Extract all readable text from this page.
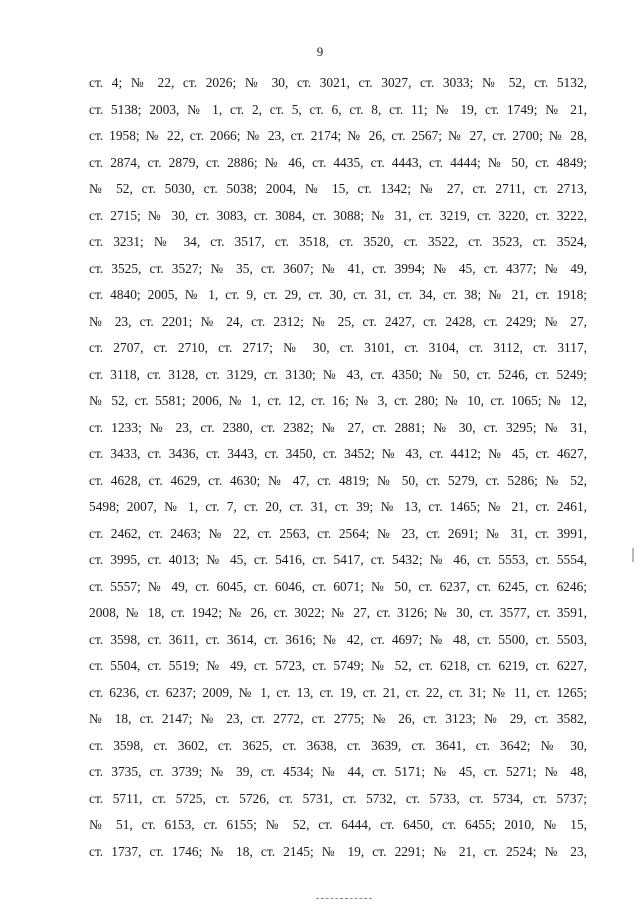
9
ст. 4; № 22, ст. 2026; № 30, ст. 3021, ст. 3027, ст. 3033; № 52, ст. 5132,
ст. 5138; 2003, № 1, ст. 2, ст. 5, ст. 6, ст. 8, ст. 11; № 19, ст. 1749; № 21,
ст. 1958; № 22, ст. 2066; № 23, ст. 2174; № 26, ст. 2567; № 27, ст. 2700; № 28,
ст. 2874, ст. 2879, ст. 2886; № 46, ст. 4435, ст. 4443, ст. 4444; № 50, ст. 4849;
№ 52, ст. 5030, ст. 5038; 2004, № 15, ст. 1342; № 27, ст. 2711, ст. 2713,
ст. 2715; № 30, ст. 3083, ст. 3084, ст. 3088; № 31, ст. 3219, ст. 3220, ст. 3222,
ст. 3231; № 34, ст. 3517, ст. 3518, ст. 3520, ст. 3522, ст. 3523, ст. 3524,
ст. 3525, ст. 3527; № 35, ст. 3607; № 41, ст. 3994; № 45, ст. 4377; № 49,
ст. 4840; 2005, № 1, ст. 9, ст. 29, ст. 30, ст. 31, ст. 34, ст. 38; № 21, ст. 1918;
№ 23, ст. 2201; № 24, ст. 2312; № 25, ст. 2427, ст. 2428, ст. 2429; № 27,
ст. 2707, ст. 2710, ст. 2717; № 30, ст. 3101, ст. 3104, ст. 3112, ст. 3117,
ст. 3118, ст. 3128, ст. 3129, ст. 3130; № 43, ст. 4350; № 50, ст. 5246, ст. 5249;
№ 52, ст. 5581; 2006, № 1, ст. 12, ст. 16; № 3, ст. 280; № 10, ст. 1065; № 12,
ст. 1233; № 23, ст. 2380, ст. 2382; № 27, ст. 2881; № 30, ст. 3295; № 31,
ст. 3433, ст. 3436, ст. 3443, ст. 3450, ст. 3452; № 43, ст. 4412; № 45, ст. 4627,
ст. 4628, ст. 4629, ст. 4630; № 47, ст. 4819; № 50, ст. 5279, ст. 5286; № 52,
5498; 2007, № 1, ст. 7, ст. 20, ст. 31, ст. 39; № 13, ст. 1465; № 21, ст. 2461,
ст. 2462, ст. 2463; № 22, ст. 2563, ст. 2564; № 23, ст. 2691; № 31, ст. 3991,
ст. 3995, ст. 4013; № 45, ст. 5416, ст. 5417, ст. 5432; № 46, ст. 5553, ст. 5554,
ст. 5557; № 49, ст. 6045, ст. 6046, ст. 6071; № 50, ст. 6237, ст. 6245, ст. 6246;
2008, № 18, ст. 1942; № 26, ст. 3022; № 27, ст. 3126; № 30, ст. 3577, ст. 3591,
ст. 3598, ст. 3611, ст. 3614, ст. 3616; № 42, ст. 4697; № 48, ст. 5500, ст. 5503,
ст. 5504, ст. 5519; № 49, ст. 5723, ст. 5749; № 52, ст. 6218, ст. 6219, ст. 6227,
ст. 6236, ст. 6237; 2009, № 1, ст. 13, ст. 19, ст. 21, ст. 22, ст. 31; № 11, ст. 1265;
№ 18, ст. 2147; № 23, ст. 2772, ст. 2775; № 26, ст. 3123; № 29, ст. 3582,
ст. 3598, ст. 3602, ст. 3625, ст. 3638, ст. 3639, ст. 3641, ст. 3642; № 30,
ст. 3735, ст. 3739; № 39, ст. 4534; № 44, ст. 5171; № 45, ст. 5271; № 48,
ст. 5711, ст. 5725, ст. 5726, ст. 5731, ст. 5732, ст. 5733, ст. 5734, ст. 5737;
№ 51, ст. 6153, ст. 6155; № 52, ст. 6444, ст. 6450, ст. 6455; 2010, № 15,
ст. 1737, ст. 1746; № 18, ст. 2145; № 19, ст. 2291; № 21, ст. 2524; № 23,
